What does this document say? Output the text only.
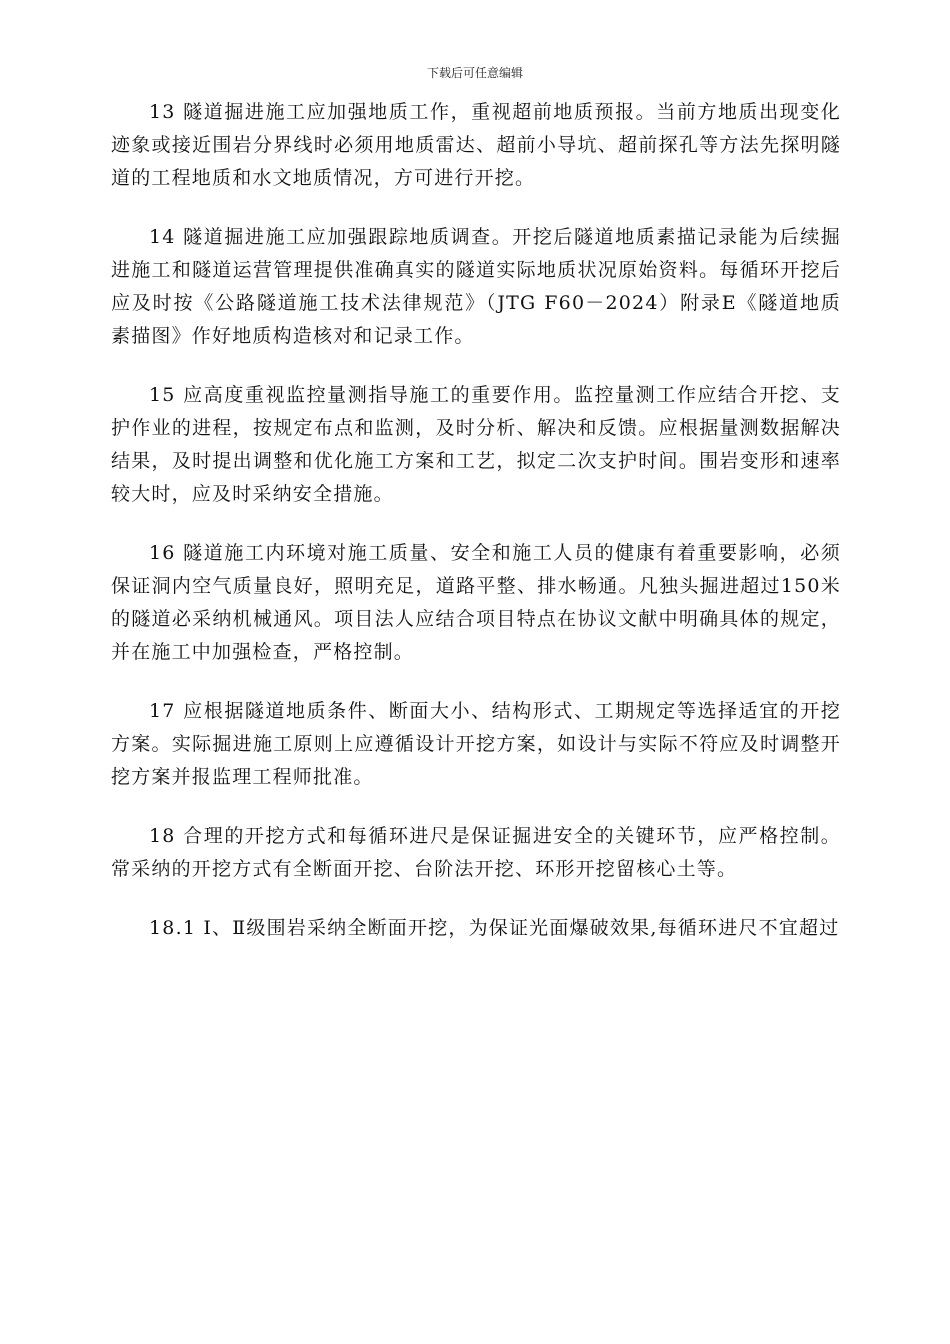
下载后可任意编辑

13 隧道掘进施工应加强地质工作，重视超前地质预报。当前方地质出现变化迹象或接近围岩分界线时必须用地质雷达、超前小导坑、超前探孔等方法先探明隧道的工程地质和水文地质情况，方可进行开挖。

14 隧道掘进施工应加强跟踪地质调查。开挖后隧道地质素描记录能为后续掘进施工和隧道运营管理提供准确真实的隧道实际地质状况原始资料。每循环开挖后应及时按《公路隧道施工技术法律规范》（JTG F60－2024）附录E《隧道地质素描图》作好地质构造核对和记录工作。

15 应高度重视监控量测指导施工的重要作用。监控量测工作应结合开挖、支护作业的进程，按规定布点和监测，及时分析、解决和反馈。应根据量测数据解决结果，及时提出调整和优化施工方案和工艺，拟定二次支护时间。围岩变形和速率较大时，应及时采纳安全措施。

16 隧道施工内环境对施工质量、安全和施工人员的健康有着重要影响，必须保证洞内空气质量良好，照明充足，道路平整、排水畅通。凡独头掘进超过150米的隧道必采纳机械通风。项目法人应结合项目特点在协议文献中明确具体的规定，并在施工中加强检查，严格控制。

17 应根据隧道地质条件、断面大小、结构形式、工期规定等选择适宜的开挖方案。实际掘进施工原则上应遵循设计开挖方案，如设计与实际不符应及时调整开挖方案并报监理工程师批准。

18 合理的开挖方式和每循环进尺是保证掘进安全的关键环节，应严格控制。常采纳的开挖方式有全断面开挖、台阶法开挖、环形开挖留核心土等。

18.1 Ⅰ、Ⅱ级围岩采纳全断面开挖，为保证光面爆破效果,每循环进尺不宜超过
